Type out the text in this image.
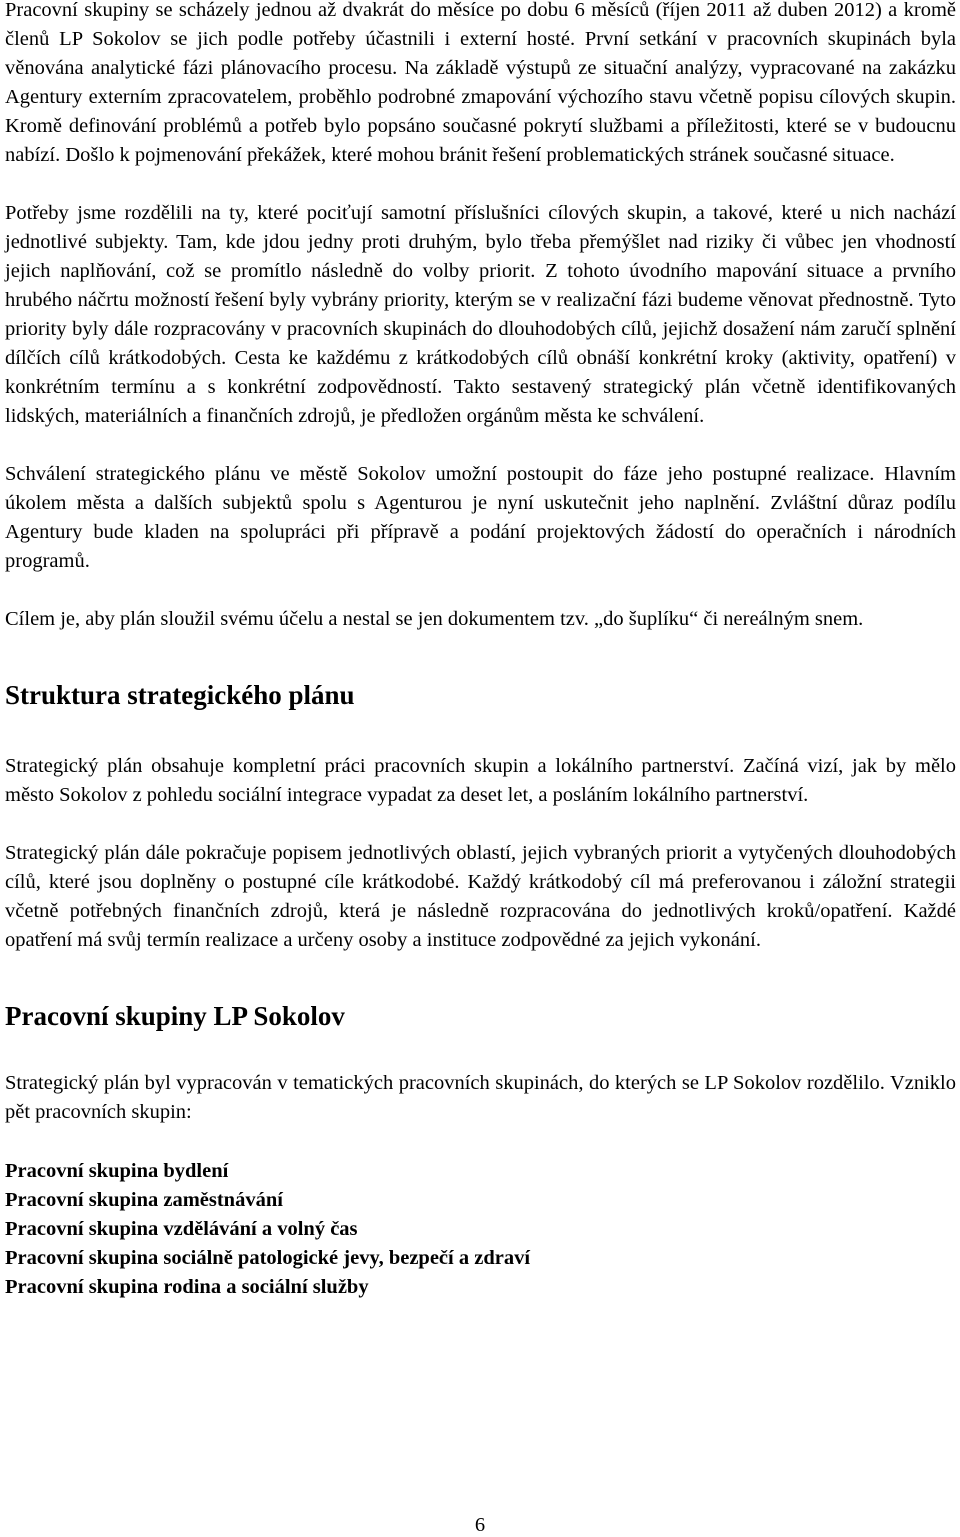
Pracovní skupiny se scházely jednou až dvakrát do měsíce po dobu 6 měsíců (říjen 2011 až duben 2012) a kromě členů LP Sokolov se jich podle potřeby účastnili i externí hosté. První setkání v pracovních skupinách byla věnována analytické fázi plánovacího procesu. Na základě výstupů ze situační analýzy, vypracované na zakázku Agentury externím zpracovatelem, proběhlo podrobné zmapování výchozího stavu včetně popisu cílových skupin. Kromě definování problémů a potřeb bylo popsáno současné pokrytí službami a příležitosti, které se v budoucnu nabízí. Došlo k pojmenování překážek, které mohou bránit řešení problematických stránek současné situace.

Potřeby jsme rozdělili na ty, které pociťují samotní příslušníci cílových skupin, a takové, které u nich nachází jednotlivé subjekty. Tam, kde jdou jedny proti druhým, bylo třeba přemýšlet nad riziky či vůbec jen vhodností jejich naplňování, což se promítlo následně do volby priorit. Z tohoto úvodního mapování situace a prvního hrubého náčrtu možností řešení byly vybrány priority, kterým se v realizační fázi budeme věnovat přednostně. Tyto priority byly dále rozpracovány v pracovních skupinách do dlouhodobých cílů, jejichž dosažení nám zaručí splnění dílčích cílů krátkodobých. Cesta ke každému z krátkodobých cílů obnáší konkrétní kroky (aktivity, opatření) v konkrétním termínu a s konkrétní zodpovědností. Takto sestavený strategický plán včetně identifikovaných lidských, materiálních a finančních zdrojů, je předložen orgánům města ke schválení.

Schválení strategického plánu ve městě Sokolov umožní postoupit do fáze jeho postupné realizace. Hlavním úkolem města a dalších subjektů spolu s Agenturou je nyní uskutečnit jeho naplnění. Zvláštní důraz podílu Agentury bude kladen na spolupráci při přípravě a podání projektových žádostí do operačních i národních programů.

Cílem je, aby plán sloužil svému účelu a nestal se jen dokumentem tzv. „do šuplíku“ či nereálným snem.

Struktura strategického plánu

Strategický plán obsahuje kompletní práci pracovních skupin a lokálního partnerství. Začíná vizí, jak by mělo město Sokolov z pohledu sociální integrace vypadat za deset let, a posláním lokálního partnerství.

Strategický plán dále pokračuje popisem jednotlivých oblastí, jejich vybraných priorit a vytyčených dlouhodobých cílů, které jsou doplněny o postupné cíle krátkodobé. Každý krátkodobý cíl má preferovanou i záložní strategii včetně potřebných finančních zdrojů, která je následně rozpracována do jednotlivých kroků/opatření. Každé opatření má svůj termín realizace a určeny osoby a instituce zodpovědné za jejich vykonání.

Pracovní skupiny LP Sokolov

Strategický plán byl vypracován v tematických pracovních skupinách, do kterých se LP Sokolov rozdělilo. Vzniklo pět pracovních skupin:

Pracovní skupina bydlení
Pracovní skupina zaměstnávání
Pracovní skupina vzdělávání a volný čas
Pracovní skupina sociálně patologické jevy, bezpečí a zdraví
Pracovní skupina rodina a sociální služby
6
